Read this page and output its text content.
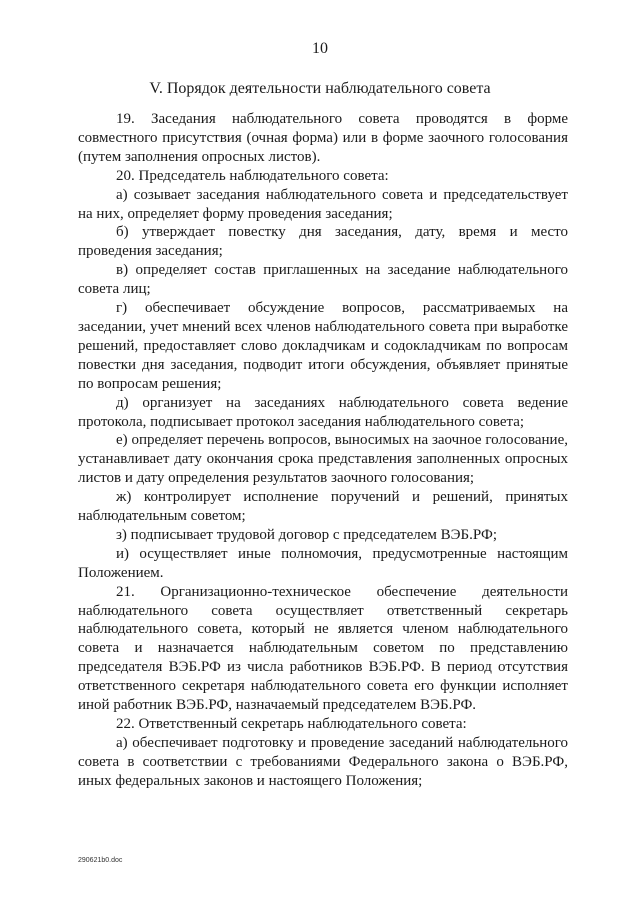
10
V. Порядок деятельности наблюдательного совета

19. Заседания наблюдательного совета проводятся в форме совместного присутствия (очная форма) или в форме заочного голосования (путем заполнения опросных листов).

20. Председатель наблюдательного совета:

а) созывает заседания наблюдательного совета и председательствует на них, определяет форму проведения заседания;

б) утверждает повестку дня заседания, дату, время и место проведения заседания;

в) определяет состав приглашенных на заседание наблюдательного совета лиц;

г) обеспечивает обсуждение вопросов, рассматриваемых на заседании, учет мнений всех членов наблюдательного совета при выработке решений, предоставляет слово докладчикам и содокладчикам по вопросам повестки дня заседания, подводит итоги обсуждения, объявляет принятые по вопросам решения;

д) организует на заседаниях наблюдательного совета ведение протокола, подписывает протокол заседания наблюдательного совета;

е) определяет перечень вопросов, выносимых на заочное голосование, устанавливает дату окончания срока представления заполненных опросных листов и дату определения результатов заочного голосования;

ж) контролирует исполнение поручений и решений, принятых наблюдательным советом;

з) подписывает трудовой договор с председателем ВЭБ.РФ;

и) осуществляет иные полномочия, предусмотренные настоящим Положением.

21. Организационно-техническое обеспечение деятельности наблюдательного совета осуществляет ответственный секретарь наблюдательного совета, который не является членом наблюдательного совета и назначается наблюдательным советом по представлению председателя ВЭБ.РФ из числа работников ВЭБ.РФ. В период отсутствия ответственного секретаря наблюдательного совета его функции исполняет иной работник ВЭБ.РФ, назначаемый председателем ВЭБ.РФ.

22. Ответственный секретарь наблюдательного совета:

а) обеспечивает подготовку и проведение заседаний наблюдательного совета в соответствии с требованиями Федерального закона о ВЭБ.РФ, иных федеральных законов и настоящего Положения;

290621b0.doc
